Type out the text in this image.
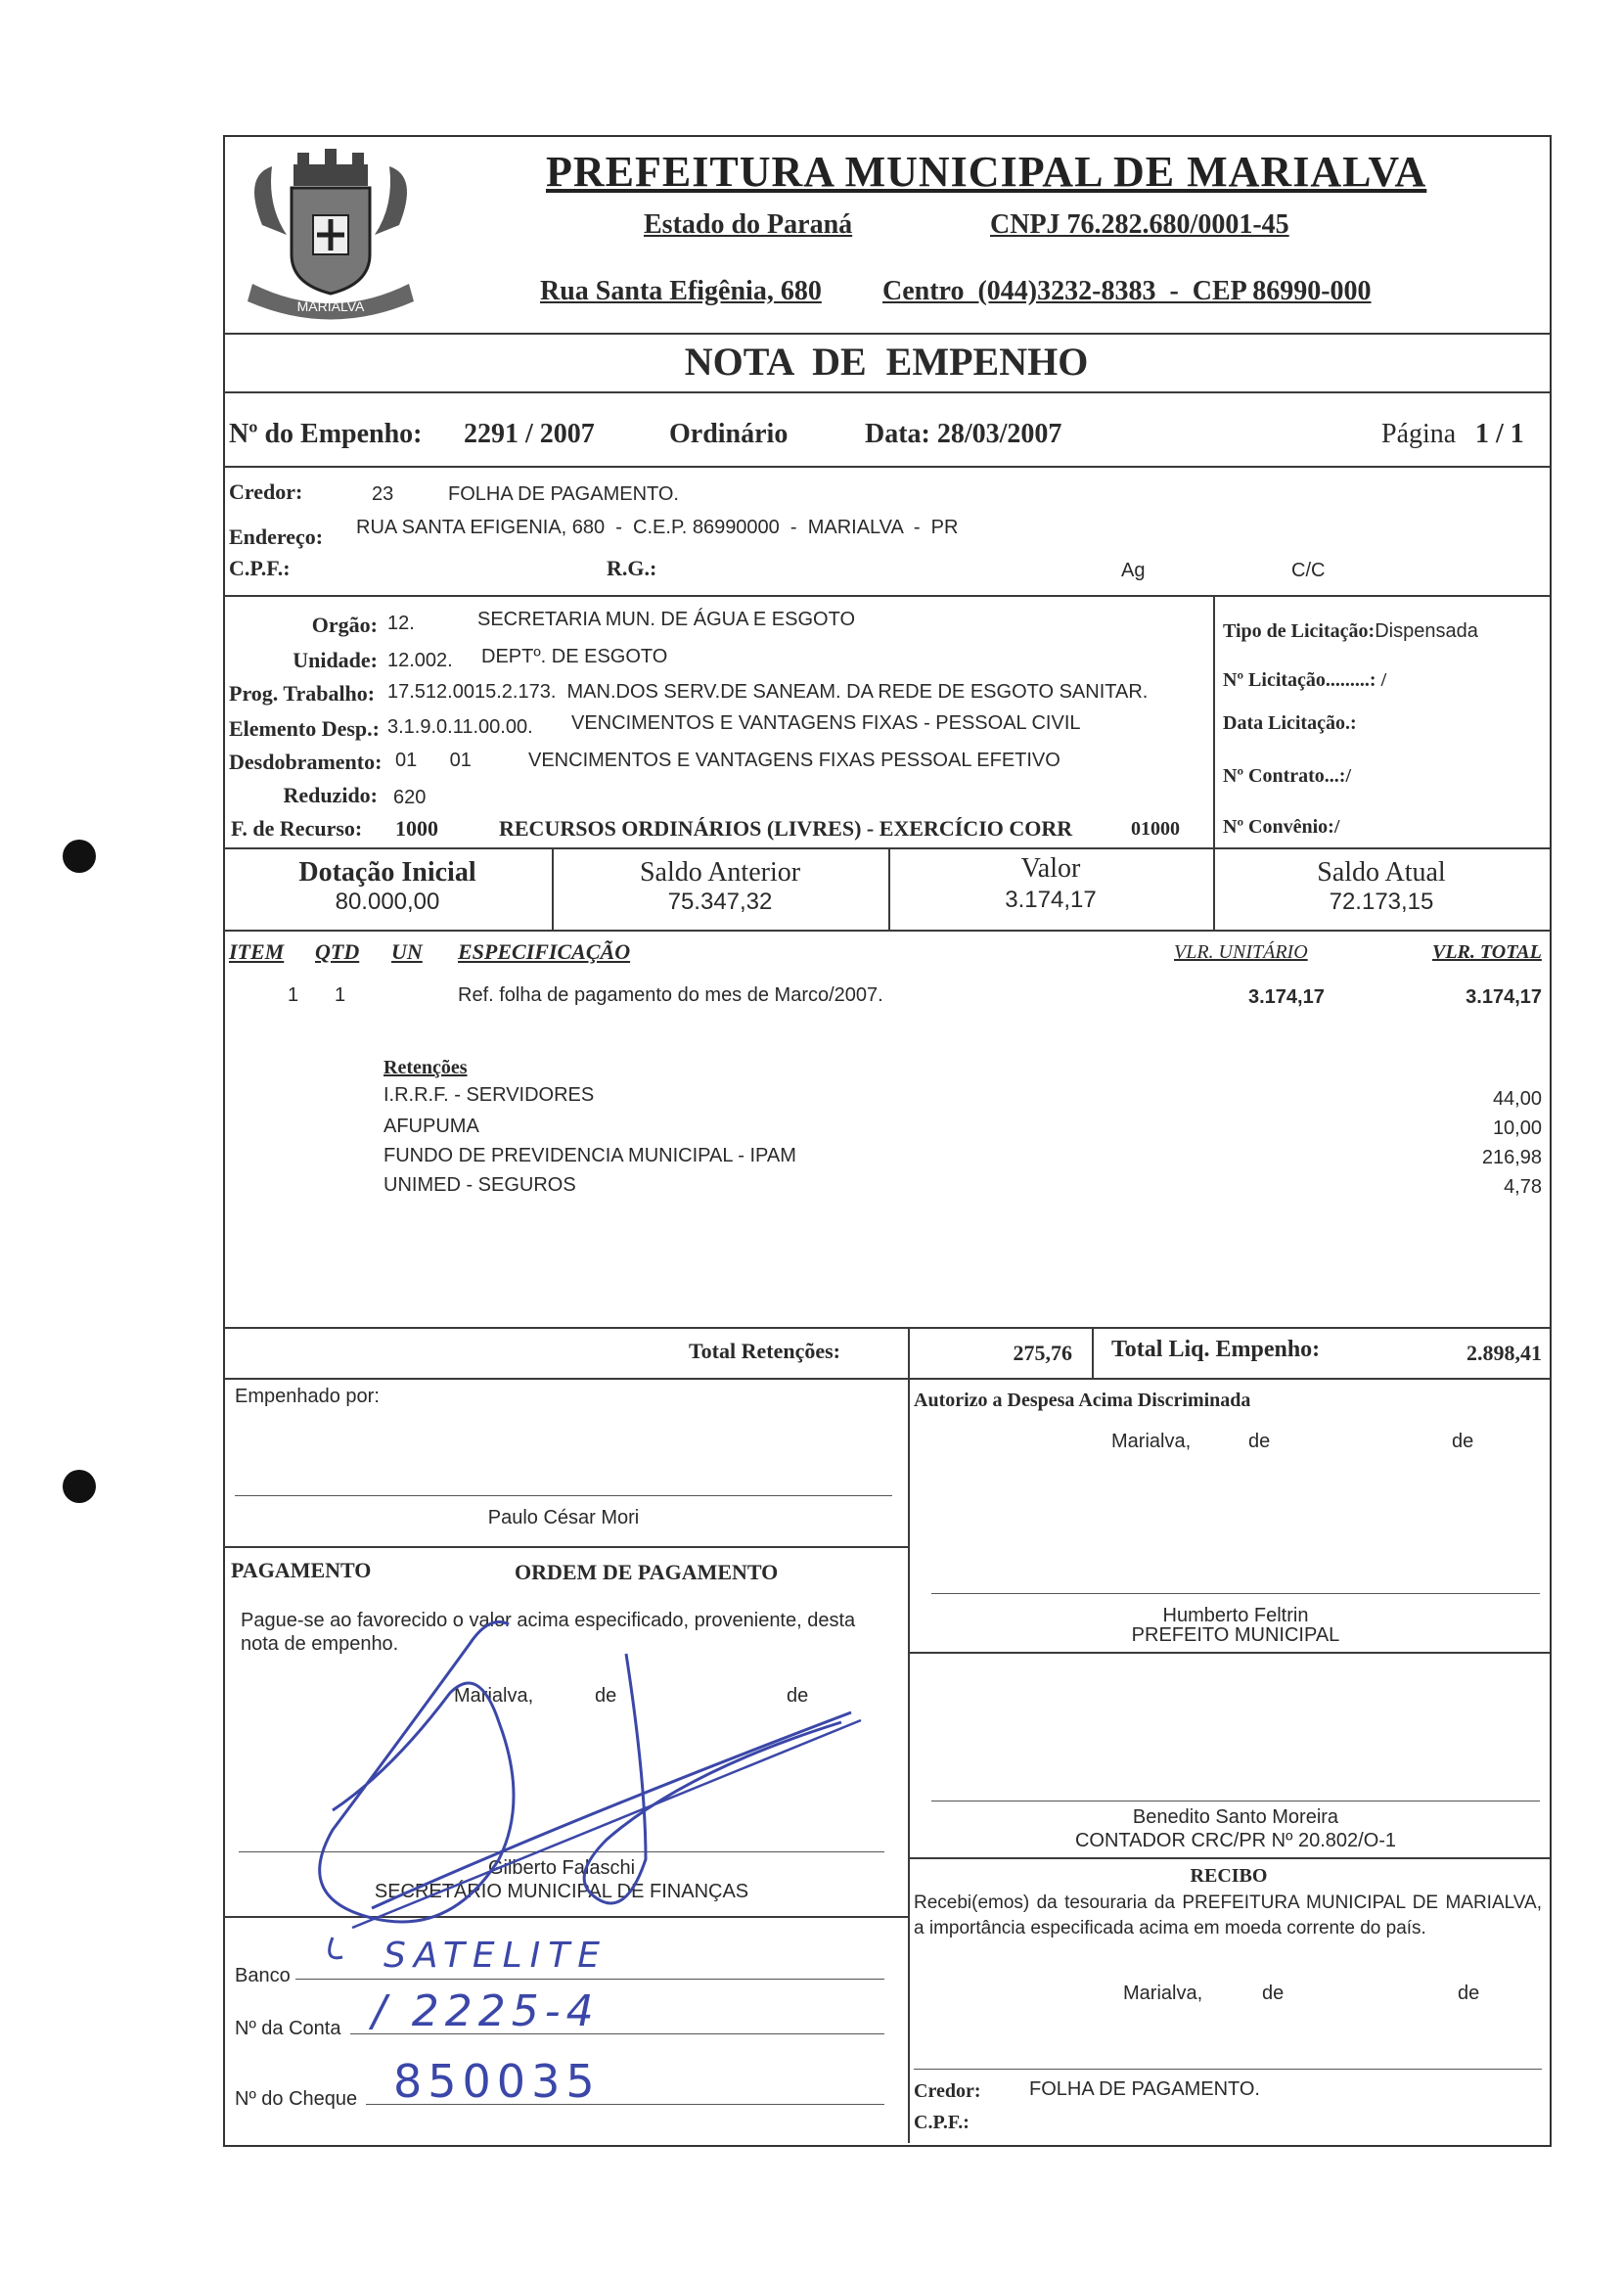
MARIALVA
PREFEITURA MUNICIPAL DE MARIALVA
Estado do Paraná	CNPJ 76.282.680/0001-45
Rua Santa Efigênia, 680 Centro  (044)3232-8383  -  CEP 86990-000
NOTA  DE  EMPENHO
Nº do Empenho: 2291 / 2007	Ordinário	Data: 28/03/2007	Página 1 / 1
Credor:	23	FOLHA DE PAGAMENTO.
Endereço: RUA SANTA EFIGENIA, 680  -  C.E.P. 86990000  -  MARIALVA  -  PR
C.P.F.:	R.G.:	Ag	C/C
Orgão: 12.	SECRETARIA MUN. DE ÁGUA E ESGOTO
Unidade: 12.002. DEPTº. DE ESGOTO
Prog. Trabalho: 17.512.0015.2.173.  MAN.DOS SERV.DE SANEAM. DA REDE DE ESGOTO SANITAR.
Elemento Desp.: 3.1.9.0.11.00.00. VENCIMENTOS E VANTAGENS FIXAS - PESSOAL CIVIL
Desdobramento: 01      01	VENCIMENTOS E VANTAGENS FIXAS PESSOAL EFETIVO
Reduzido: 620
F. de Recurso: 1000	RECURSOS ORDINÁRIOS (LIVRES) - EXERCÍCIO CORR	01000
Tipo de Licitação:Dispensada
Nº Licitação.........: /
Data Licitação.:
Nº Contrato...:/
Nº Convênio:/
Dotação Inicial
80.000,00
Saldo Anterior
75.347,32
Valor
3.174,17
Saldo Atual
72.173,15
ITEM QTD UN ESPECIFICAÇÃO	VLR. UNITÁRIO	VLR. TOTAL
1 1	Ref. folha de pagamento do mes de Marco/2007.	3.174,17	3.174,17
Retenções
I.R.R.F. - SERVIDORES	44,00
AFUPUMA	10,00
FUNDO DE PREVIDENCIA MUNICIPAL - IPAM	216,98
UNIMED - SEGUROS	4,78
Total Retenções:	275,76 Total Liq. Empenho:	2.898,41
Empenhado por:
Paulo César Mori
Autorizo a Despesa Acima Discriminada
Marialva,	de	de
Humberto Feltrin
PREFEITO MUNICIPAL
Benedito Santo Moreira
CONTADOR CRC/PR Nº 20.802/O-1
PAGAMENTO	ORDEM DE PAGAMENTO
Pague-se ao favorecido o valor acima especificado, proveniente, desta nota de empenho.
Marialva,	de	de
Gilberto Falaschi
SECRETÁRIO MUNICIPAL DE FINANÇAS
RECIBO
Recebi(emos) da tesouraria da PREFEITURA MUNICIPAL DE MARIALVA, a importância especificada acima em moeda corrente do país.
Marialva,	de	de
Credor: FOLHA DE PAGAMENTO.
C.P.F.:
Banco	SATELITE
Nº da Conta / 2225-4
Nº do Cheque 850035
